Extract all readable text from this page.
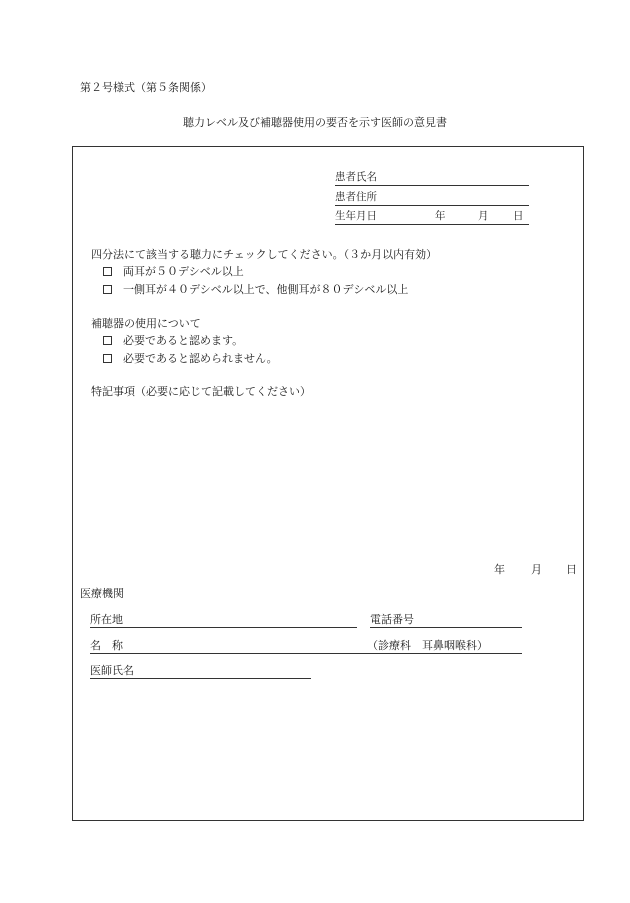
第２号様式（第５条関係）
聴力レベル及び補聴器使用の要否を示す医師の意見書
患者氏名
患者住所
生年月日	年	月 日
四分法にて該当する聴力にチェックしてください。（３か月以内有効）
両耳が５０デシベル以上
一側耳が４０デシベル以上で、他側耳が８０デシベル以上
補聴器の使用について
必要であると認めます。
必要であると認められません。
特記事項（必要に応じて記載してください）
年 月 日
医療機関
所在地	電話番号
名　称	（診療科　耳鼻咽喉科）
医師氏名
